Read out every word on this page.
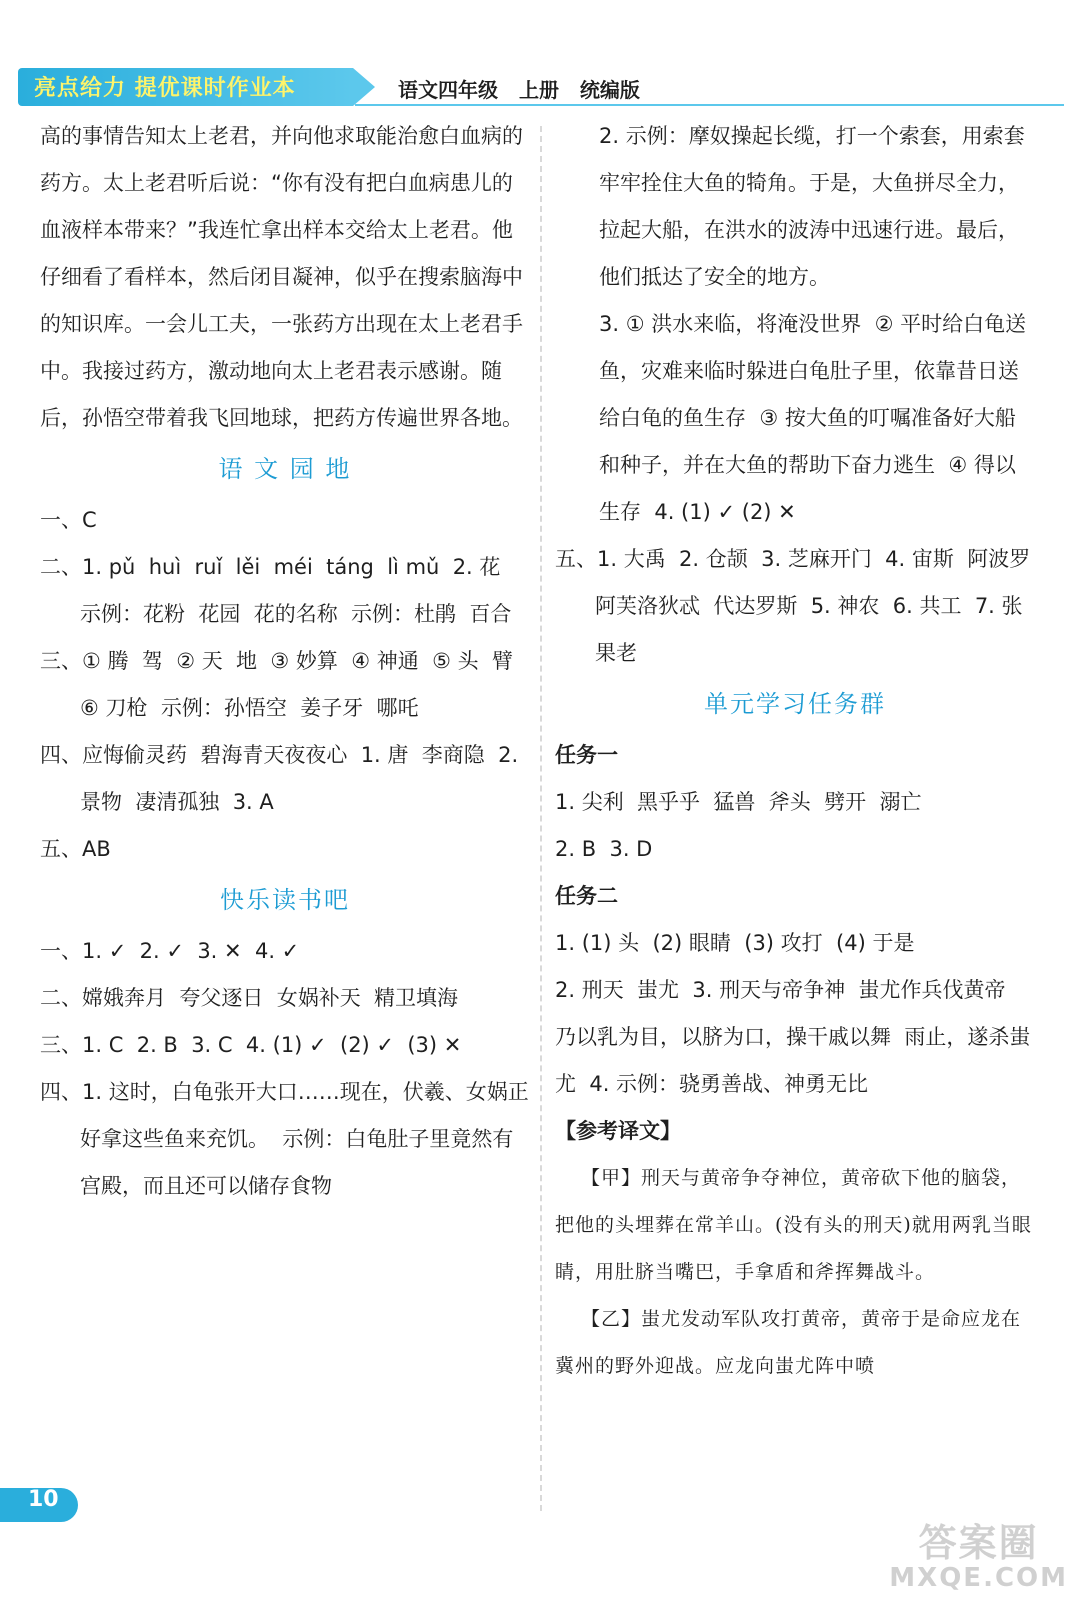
亮点给力 提优课时作业本	语文四年级 上册 统编版

高的事情告知太上老君，并向他求取能治愈白血病的药方。太上老君听后说：“你有没有把白血病患儿的血液样本带来？”我连忙拿出样本交给太上老君。他仔细看了看样本，然后闭目凝神，似乎在搜索脑海中的知识库。一会儿工夫，一张药方出现在太上老君手中。我接过药方，激动地向太上老君表示感谢。随后，孙悟空带着我飞回地球，把药方传遍世界各地。

语 文 园 地

一、C

二、1. pǔ  huì  ruǐ  lěi  méi  táng  lì mǔ  2. 花  示例：花粉  花园  花的名称  示例：杜鹃  百合

三、① 腾  驾  ② 天  地  ③ 妙算  ④ 神通  ⑤ 头  臂  ⑥ 刀枪  示例：孙悟空  姜子牙  哪吒

四、应悔偷灵药  碧海青天夜夜心  1. 唐  李商隐  2. 景物  凄清孤独  3. A

五、AB

快乐读书吧

一、1. ✓  2. ✓  3. ✕  4. ✓

二、嫦娥奔月  夸父逐日  女娲补天  精卫填海

三、1. C  2. B  3. C  4. (1) ✓  (2) ✓  (3) ✕

四、1. 这时，白龟张开大口……现在，伏羲、女娲正好拿这些鱼来充饥。  示例：白龟肚子里竟然有宫殿，而且还可以储存食物

2. 示例：摩奴操起长缆，打一个索套，用索套牢牢拴住大鱼的犄角。于是，大鱼拼尽全力，拉起大船，在洪水的波涛中迅速行进。最后，他们抵达了安全的地方。

3. ① 洪水来临，将淹没世界  ② 平时给白龟送鱼，灾难来临时躲进白龟肚子里，依靠昔日送给白龟的鱼生存  ③ 按大鱼的叮嘱准备好大船和种子，并在大鱼的帮助下奋力逃生  ④ 得以生存  4. (1) ✓ (2) ✕

五、1. 大禹  2. 仓颉  3. 芝麻开门  4. 宙斯  阿波罗  阿芙洛狄忒  代达罗斯  5. 神农  6. 共工  7. 张果老

单元学习任务群

任务一

1. 尖利  黑乎乎  猛兽  斧头  劈开  溺亡

2. B  3. D

任务二

1. (1) 头  (2) 眼睛  (3) 攻打  (4) 于是

2. 刑天  蚩尤  3. 刑天与帝争神  蚩尤作兵伐黄帝  乃以乳为目，以脐为口，操干戚以舞  雨止，遂杀蚩尤  4. 示例：骁勇善战、神勇无比

【参考译文】

【甲】刑天与黄帝争夺神位，黄帝砍下他的脑袋，把他的头埋葬在常羊山。(没有头的刑天)就用两乳当眼睛，用肚脐当嘴巴，手拿盾和斧挥舞战斗。

【乙】蚩尤发动军队攻打黄帝，黄帝于是命应龙在冀州的野外迎战。应龙向蚩尤阵中喷

10
答案圈
MXQE.COM
